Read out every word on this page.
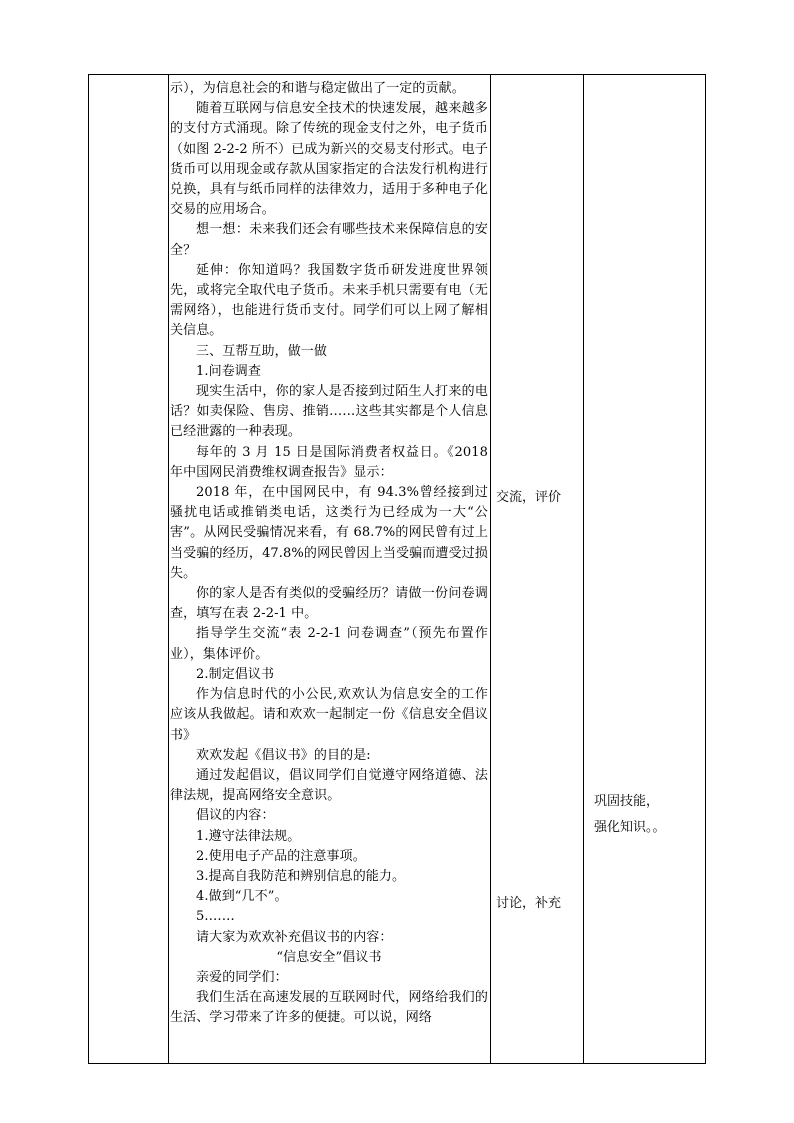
示），为信息社会的和谐与稳定做出了一定的贡献。

随着互联网与信息安全技术的快速发展，越来越多的支付方式涌现。除了传统的现金支付之外，电子货币（如图 2-2-2 所不）已成为新兴的交易支付形式。电子货币可以用现金或存款从国家指定的合法发行机构进行兑换，具有与纸币同样的法律效力，适用于多种电子化交易的应用场合。

想一想：未来我们还会有哪些技术来保障信息的安全？

延伸：你知道吗？我国数字货币研发进度世界领先，或将完全取代电子货币。未来手机只需要有电（无需网络），也能进行货币支付。同学们可以上网了解相关信息。

三、互帮互助，做一做

1.问卷调查

现实生活中，你的家人是否接到过陌生人打来的电话？如卖保险、售房、推销……这些其实都是个人信息已经泄露的一种表现。

每年的 3 月 15 日是国际消费者权益日。《2018 年中国网民消费维权调查报告》显示：

2018 年，在中国网民中，有 94.3%曾经接到过骚扰电话或推销类电话，这类行为已经成为一大“公害”。从网民受骗情况来看，有 68.7%的网民曾有过上当受骗的经历，47.8%的网民曾因上当受骗而遭受过损失。

你的家人是否有类似的受骗经历？请做一份问卷调查，填写在表 2-2-1 中。

指导学生交流“表 2-2-1 问卷调查”（预先布置作业），集体评价。

2.制定倡议书

作为信息时代的小公民,欢欢认为信息安全的工作应该从我做起。请和欢欢一起制定一份《信息安全倡议书》

欢欢发起《倡议书》的目的是:

通过发起倡议，倡议同学们自觉遵守网络道德、法律法规，提高网络安全意识。

倡议的内容：

1.遵守法律法规。

2.使用电子产品的注意事项。

3.提高自我防范和辨别信息的能力。

4.做到“几不”。

5.……

请大家为欢欢补充倡议书的内容：

“信息安全”倡议书

亲爱的同学们：

我们生活在高速发展的互联网时代，网络给我们的生活、学习带来了许多的便捷。可以说，网络

交流，评价
讨论，补充
巩固技能，
强化知识。。
